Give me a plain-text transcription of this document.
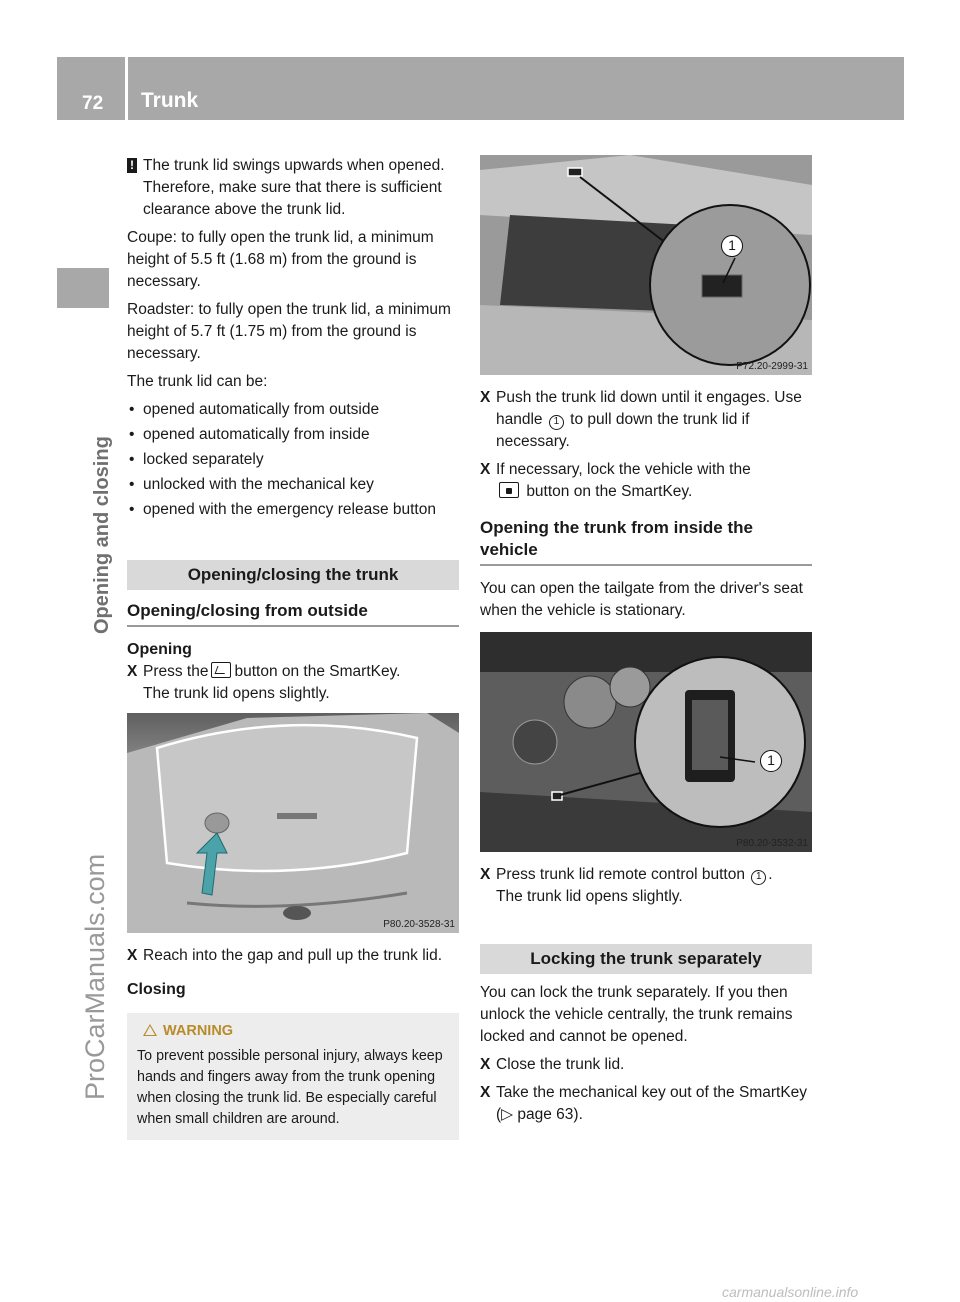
72 Trunk
Opening and closing
ProCarManuals.com
! The trunk lid swings upwards when opened. Therefore, make sure that there is sufficient clearance above the trunk lid.
Coupe: to fully open the trunk lid, a minimum height of 5.5 ft (1.68 m) from the ground is necessary.
Roadster: to fully open the trunk lid, a minimum height of 5.7 ft (1.75 m) from the ground is necessary.
The trunk lid can be:
• opened automatically from outside
• opened automatically from inside
• locked separately
• unlocked with the mechanical key
• opened with the emergency release button
Opening/closing the trunk
Opening/closing from outside
Opening
X Press the button on the SmartKey.
The trunk lid opens slightly.
P80.20-3528-31
X Reach into the gap and pull up the trunk lid.
Closing
WARNING
To prevent possible personal injury, always keep hands and fingers away from the trunk opening when closing the trunk lid. Be especially careful when small children are around.
1
P72.20-2999-31
X Push the trunk lid down until it engages. Use handle 1 to pull down the trunk lid if necessary.
X If necessary, lock the vehicle with the
button on the SmartKey.
Opening the trunk from inside the vehicle
You can open the tailgate from the driver's seat when the vehicle is stationary.
1
P80.20-3532-31
X Press trunk lid remote control button 1 .
The trunk lid opens slightly.
Locking the trunk separately
You can lock the trunk separately. If you then unlock the vehicle centrally, the trunk remains locked and cannot be opened.
X Close the trunk lid.
X Take the mechanical key out of the SmartKey (▷ page 63).
carmanualsonline.info
